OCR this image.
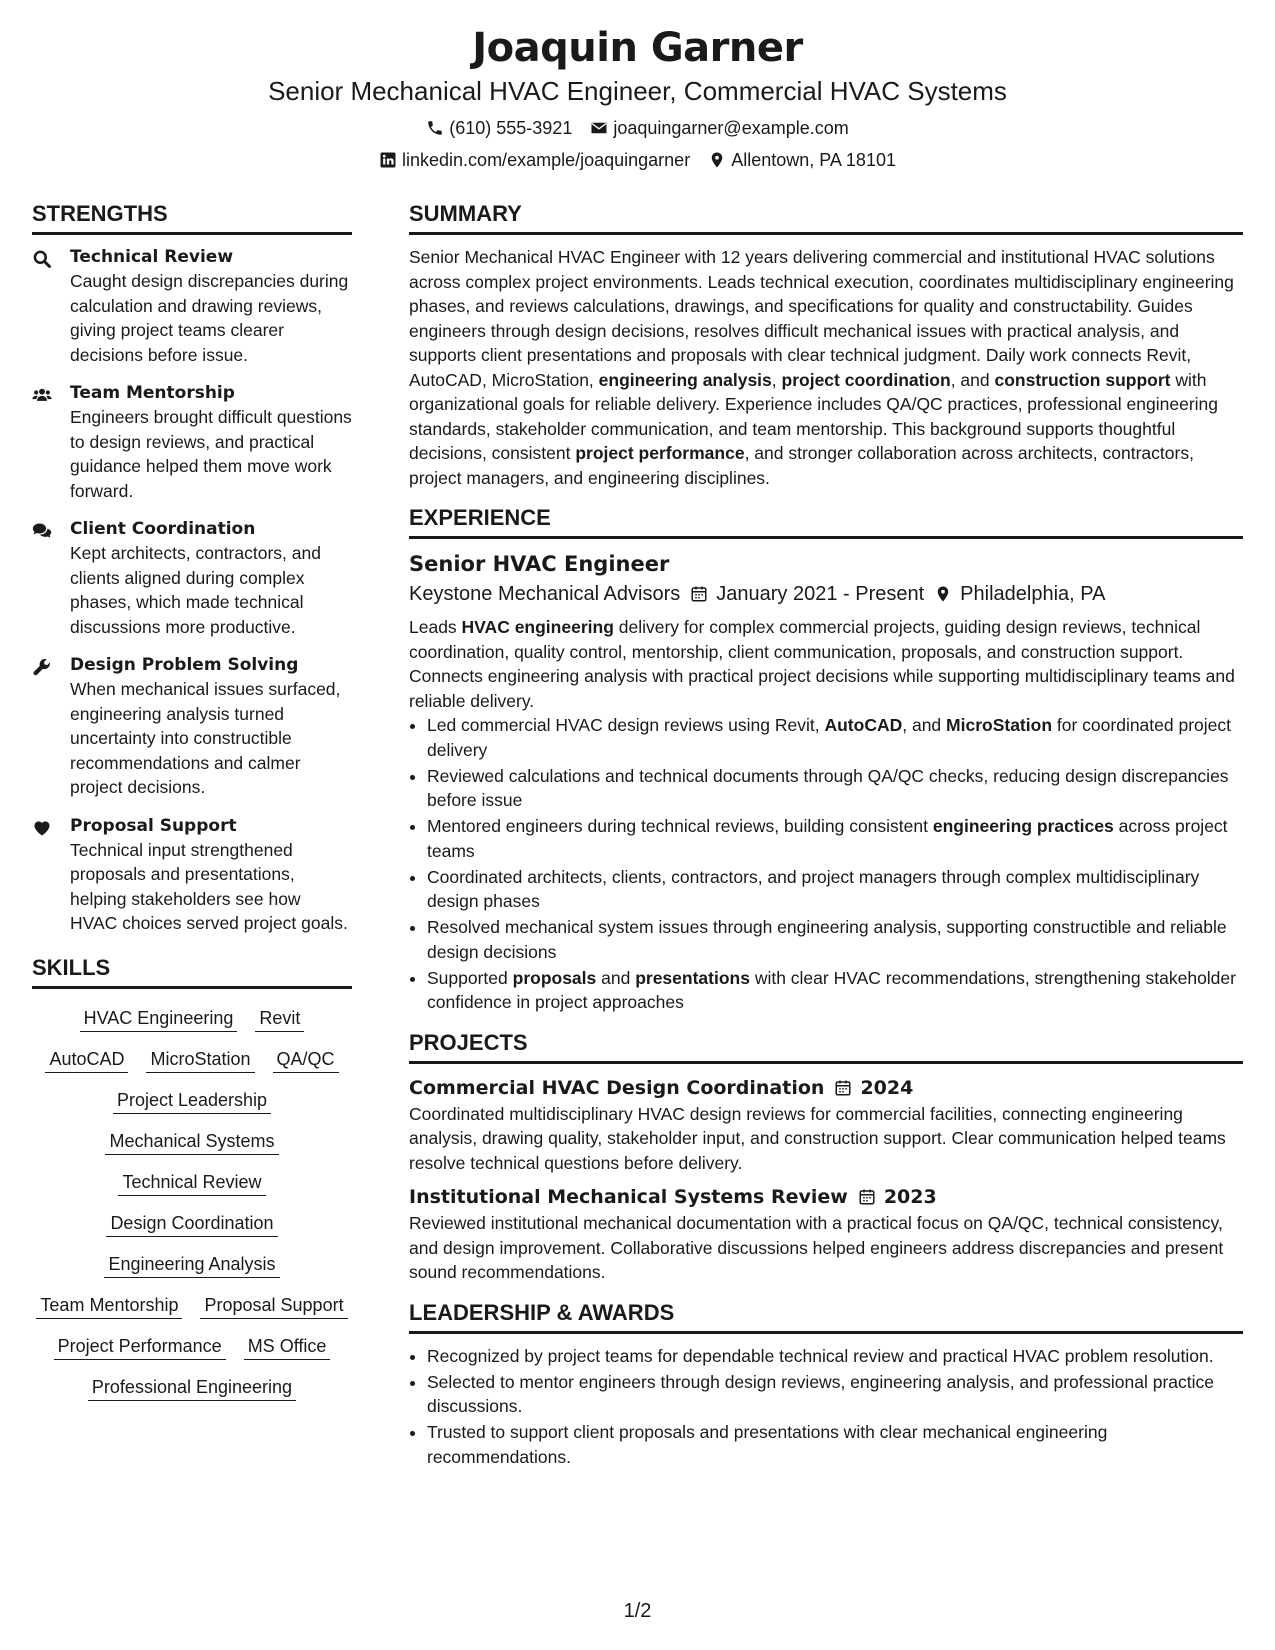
Joaquin Garner
Senior Mechanical HVAC Engineer, Commercial HVAC Systems
(610) 555-3921 joaquingarner@example.com
linkedin.com/example/joaquingarner Allentown, PA 18101
STRENGTHS
Technical Review
Caught design discrepancies during calculation and drawing reviews, giving project teams clearer decisions before issue.
Team Mentorship
Engineers brought difficult questions to design reviews, and practical guidance helped them move work forward.
Client Coordination
Kept architects, contractors, and clients aligned during complex phases, which made technical discussions more productive.
Design Problem Solving
When mechanical issues surfaced, engineering analysis turned uncertainty into constructible recommendations and calmer project decisions.
Proposal Support
Technical input strengthened proposals and presentations, helping stakeholders see how HVAC choices served project goals.
SKILLS
HVAC Engineering Revit
AutoCAD MicroStation QA/QC
Project Leadership
Mechanical Systems
Technical Review
Design Coordination
Engineering Analysis
Team Mentorship Proposal Support
Project Performance MS Office
Professional Engineering
SUMMARY

Senior Mechanical HVAC Engineer with 12 years delivering commercial and institutional HVAC solutions across complex project environments. Leads technical execution, coordinates multidisciplinary engineering phases, and reviews calculations, drawings, and specifications for quality and constructability. Guides engineers through design decisions, resolves difficult mechanical issues with practical analysis, and supports client presentations and proposals with clear technical judgment. Daily work connects Revit, AutoCAD, MicroStation, engineering analysis, project coordination, and construction support with organizational goals for reliable delivery. Experience includes QA/QC practices, professional engineering standards, stakeholder communication, and team mentorship. This background supports thoughtful decisions, consistent project performance, and stronger collaboration across architects, contractors, project managers, and engineering disciplines.

EXPERIENCE
Senior HVAC Engineer
Keystone Mechanical Advisors January 2021 - Present Philadelphia, PA

Leads HVAC engineering delivery for complex commercial projects, guiding design reviews, technical coordination, quality control, mentorship, client communication, proposals, and construction support. Connects engineering analysis with practical project decisions while supporting multidisciplinary teams and reliable delivery.

• Led commercial HVAC design reviews using Revit, AutoCAD, and MicroStation for coordinated project delivery
• Reviewed calculations and technical documents through QA/QC checks, reducing design discrepancies before issue
• Mentored engineers during technical reviews, building consistent engineering practices across project teams
• Coordinated architects, clients, contractors, and project managers through complex multidisciplinary design phases
• Resolved mechanical system issues through engineering analysis, supporting constructible and reliable design decisions
• Supported proposals and presentations with clear HVAC recommendations, strengthening stakeholder confidence in project approaches
PROJECTS
Commercial HVAC Design Coordination 2024

Coordinated multidisciplinary HVAC design reviews for commercial facilities, connecting engineering analysis, drawing quality, stakeholder input, and construction support. Clear communication helped teams resolve technical questions before delivery.

Institutional Mechanical Systems Review 2023

Reviewed institutional mechanical documentation with a practical focus on QA/QC, technical consistency, and design improvement. Collaborative discussions helped engineers address discrepancies and present sound recommendations.

LEADERSHIP & AWARDS
• Recognized by project teams for dependable technical review and practical HVAC problem resolution.
• Selected to mentor engineers through design reviews, engineering analysis, and professional practice discussions.
• Trusted to support client proposals and presentations with clear mechanical engineering recommendations.
1/2
